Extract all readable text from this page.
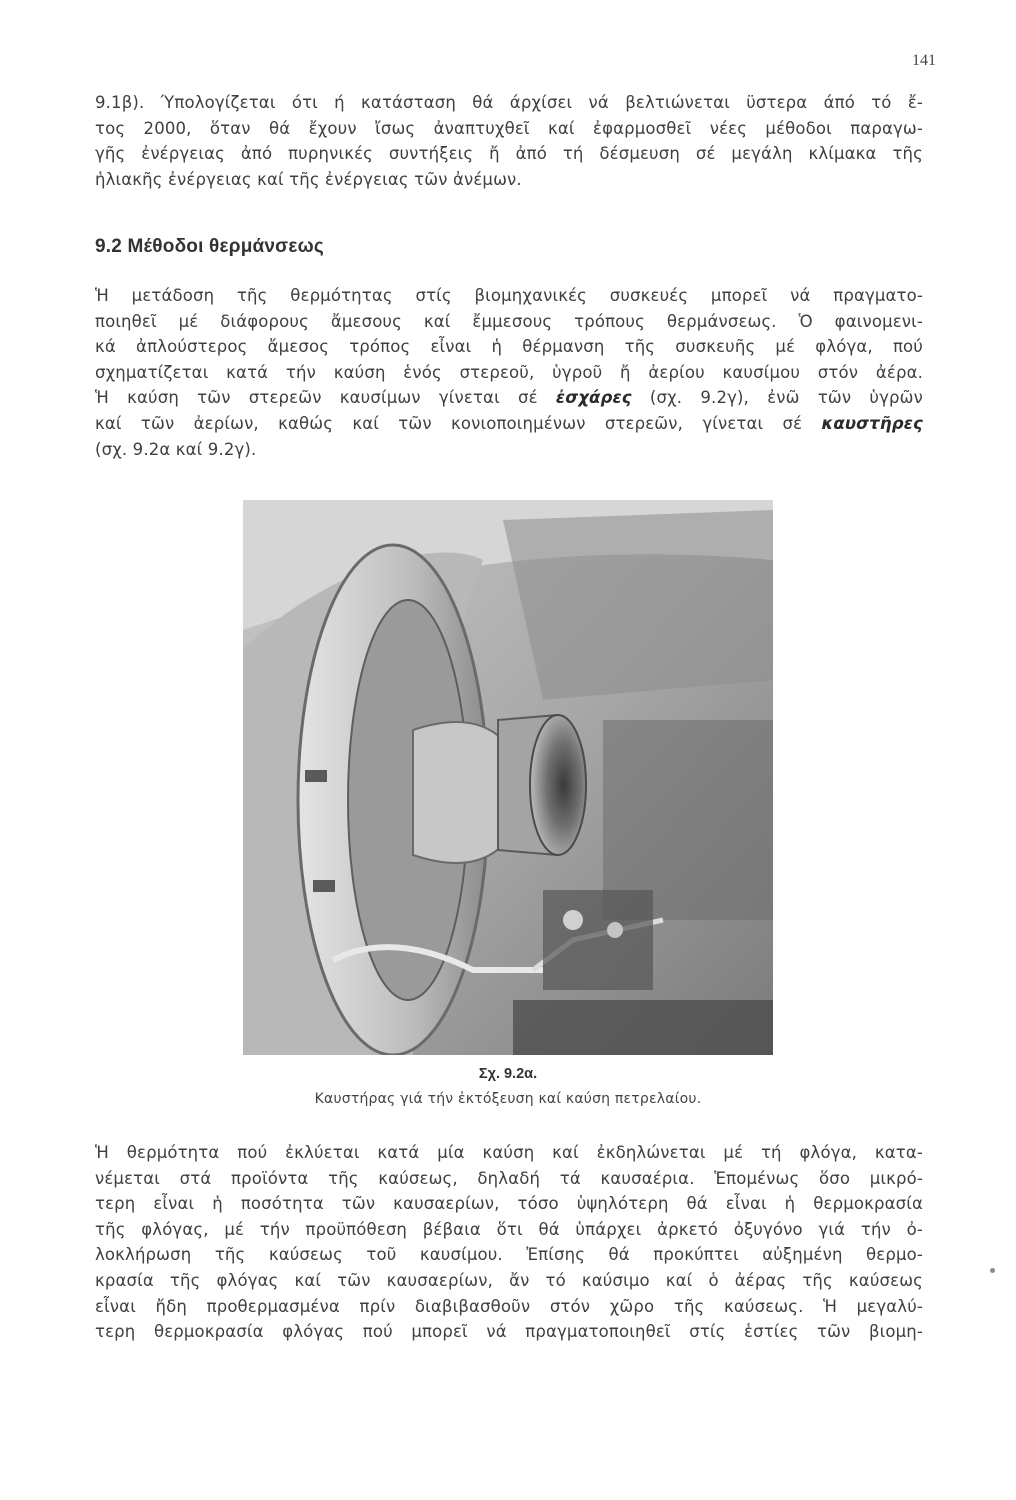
141
9.1β). Ύπολογίζεται ότι ή κατάσταση θά άρχίσει νά βελτιώνεται ϋστερα άπό τό ἔ-
τος 2000, ὅταν θά ἔχουν ἴσως ἀναπτυχθεῖ καί ἐφαρμοσθεῖ νέες μέθοδοι παραγω-
γῆς ἐνέργειας ἀπό πυρηνικές συντήξεις ἤ ἀπό τή δέσμευση σέ μεγάλη κλίμακα τῆς
ἡλιακῆς ἐνέργειας καί τῆς ἐνέργειας τῶν ἀνέμων.
9.2 Μέθοδοι θερμάνσεως
Ἡ μετάδοση τῆς θερμότητας στίς βιομηχανικές συσκευές μπορεῖ νά πραγματο-
ποιηθεῖ μέ διάφορους ἄμεσους καί ἔμμεσους τρόπους θερμάνσεως. Ὁ φαινομενι-
κά ἀπλούστερος ἄμεσος τρόπος εἶναι ἡ θέρμανση τῆς συσκευῆς μέ φλόγα, πού
σχηματίζεται κατά τήν καύση ἑνός στερεοῦ, ὑγροῦ ἤ ἀερίου καυσίμου στόν ἀέρα.
Ἡ καύση τῶν στερεῶν καυσίμων γίνεται σέ ἐσχάρες (σχ. 9.2γ), ἐνῶ τῶν ὑγρῶν
καί τῶν ἀερίων, καθώς καί τῶν κονιοποιημένων στερεῶν, γίνεται σέ καυστῆρες
(σχ. 9.2α καί 9.2γ).
Σχ. 9.2α.
Καυστήρας γιά τήν ἐκτόξευση καί καύση πετρελαίου.
Ἡ θερμότητα πού ἐκλύεται κατά μία καύση καί ἐκδηλώνεται μέ τή φλόγα, κατα-
νέμεται στά προϊόντα τῆς καύσεως, δηλαδή τά καυσαέρια. Ἑπομένως ὅσο μικρό-
τερη εἶναι ἡ ποσότητα τῶν καυσαερίων, τόσο ὑψηλότερη θά εἶναι ἡ θερμοκρασία
τῆς φλόγας, μέ τήν προϋπόθεση βέβαια ὅτι θά ὑπάρχει ἀρκετό ὀξυγόνο γιά τήν ὀ-
λοκλήρωση τῆς καύσεως τοῦ καυσίμου. Ἐπίσης θά προκύπτει αὐξημένη θερμο-
κρασία τῆς φλόγας καί τῶν καυσαερίων, ἄν τό καύσιμο καί ὁ ἀέρας τῆς καύσεως
εἶναι ἤδη προθερμασμένα πρίν διαβιβασθοῦν στόν χῶρο τῆς καύσεως. Ἡ μεγαλύ-
τερη θερμοκρασία φλόγας πού μπορεῖ νά πραγματοποιηθεῖ στίς ἑστίες τῶν βιομη-
